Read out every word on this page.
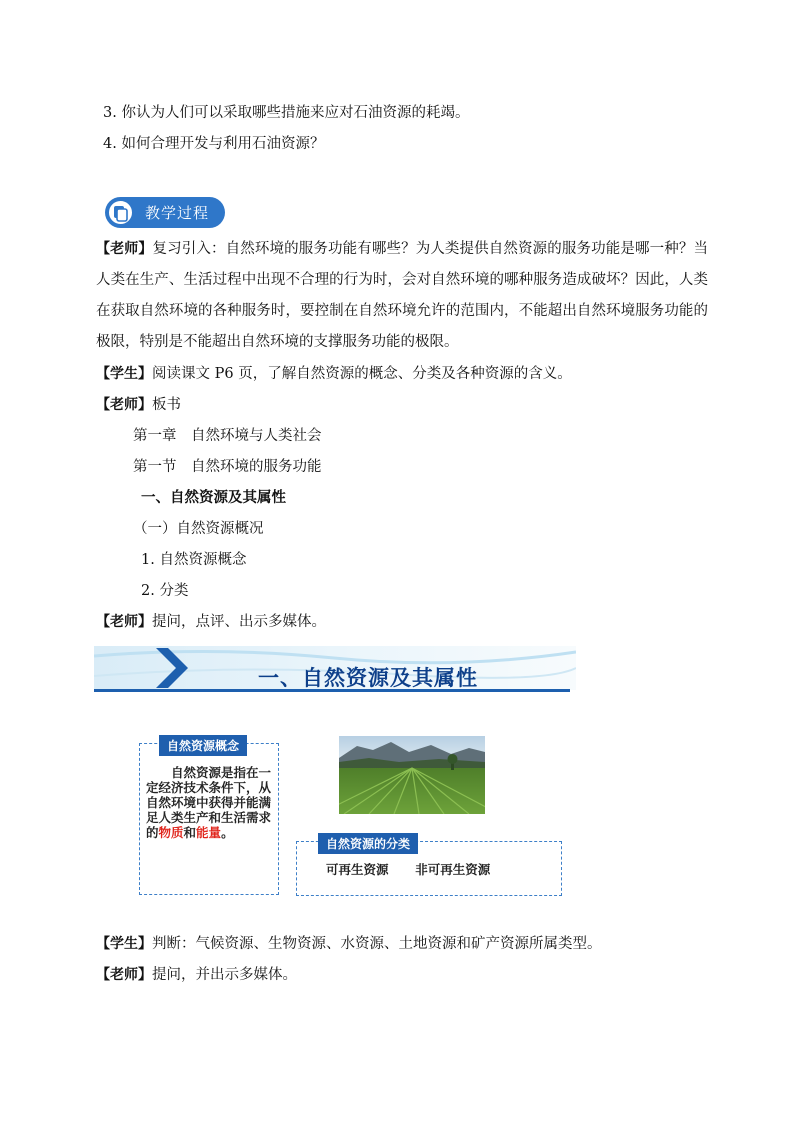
3. 你认为人们可以采取哪些措施来应对石油资源的耗竭。
4. 如何合理开发与利用石油资源？
教学过程
【老师】复习引入：自然环境的服务功能有哪些？为人类提供自然资源的服务功能是哪一种？当人类在生产、生活过程中出现不合理的行为时，会对自然环境的哪种服务造成破坏？因此，人类在获取自然环境的各种服务时，要控制在自然环境允许的范围内，不能超出自然环境服务功能的极限，特别是不能超出自然环境的支撑服务功能的极限。
【学生】阅读课文 P6 页，了解自然资源的概念、分类及各种资源的含义。
【老师】板书
第一章　自然环境与人类社会
第一节　自然环境的服务功能
一、自然资源及其属性
（一）自然资源概况
1. 自然资源概念
2. 分类
【老师】提问，点评、出示多媒体。
一、自然资源及其属性
自然资源概念
自然资源是指在一定经济技术条件下，从自然环境中获得并能满足人类生产和生活需求的物质和能量。
自然资源的分类
可再生资源 非可再生资源
【学生】判断：气候资源、生物资源、水资源、土地资源和矿产资源所属类型。
【老师】提问，并出示多媒体。
